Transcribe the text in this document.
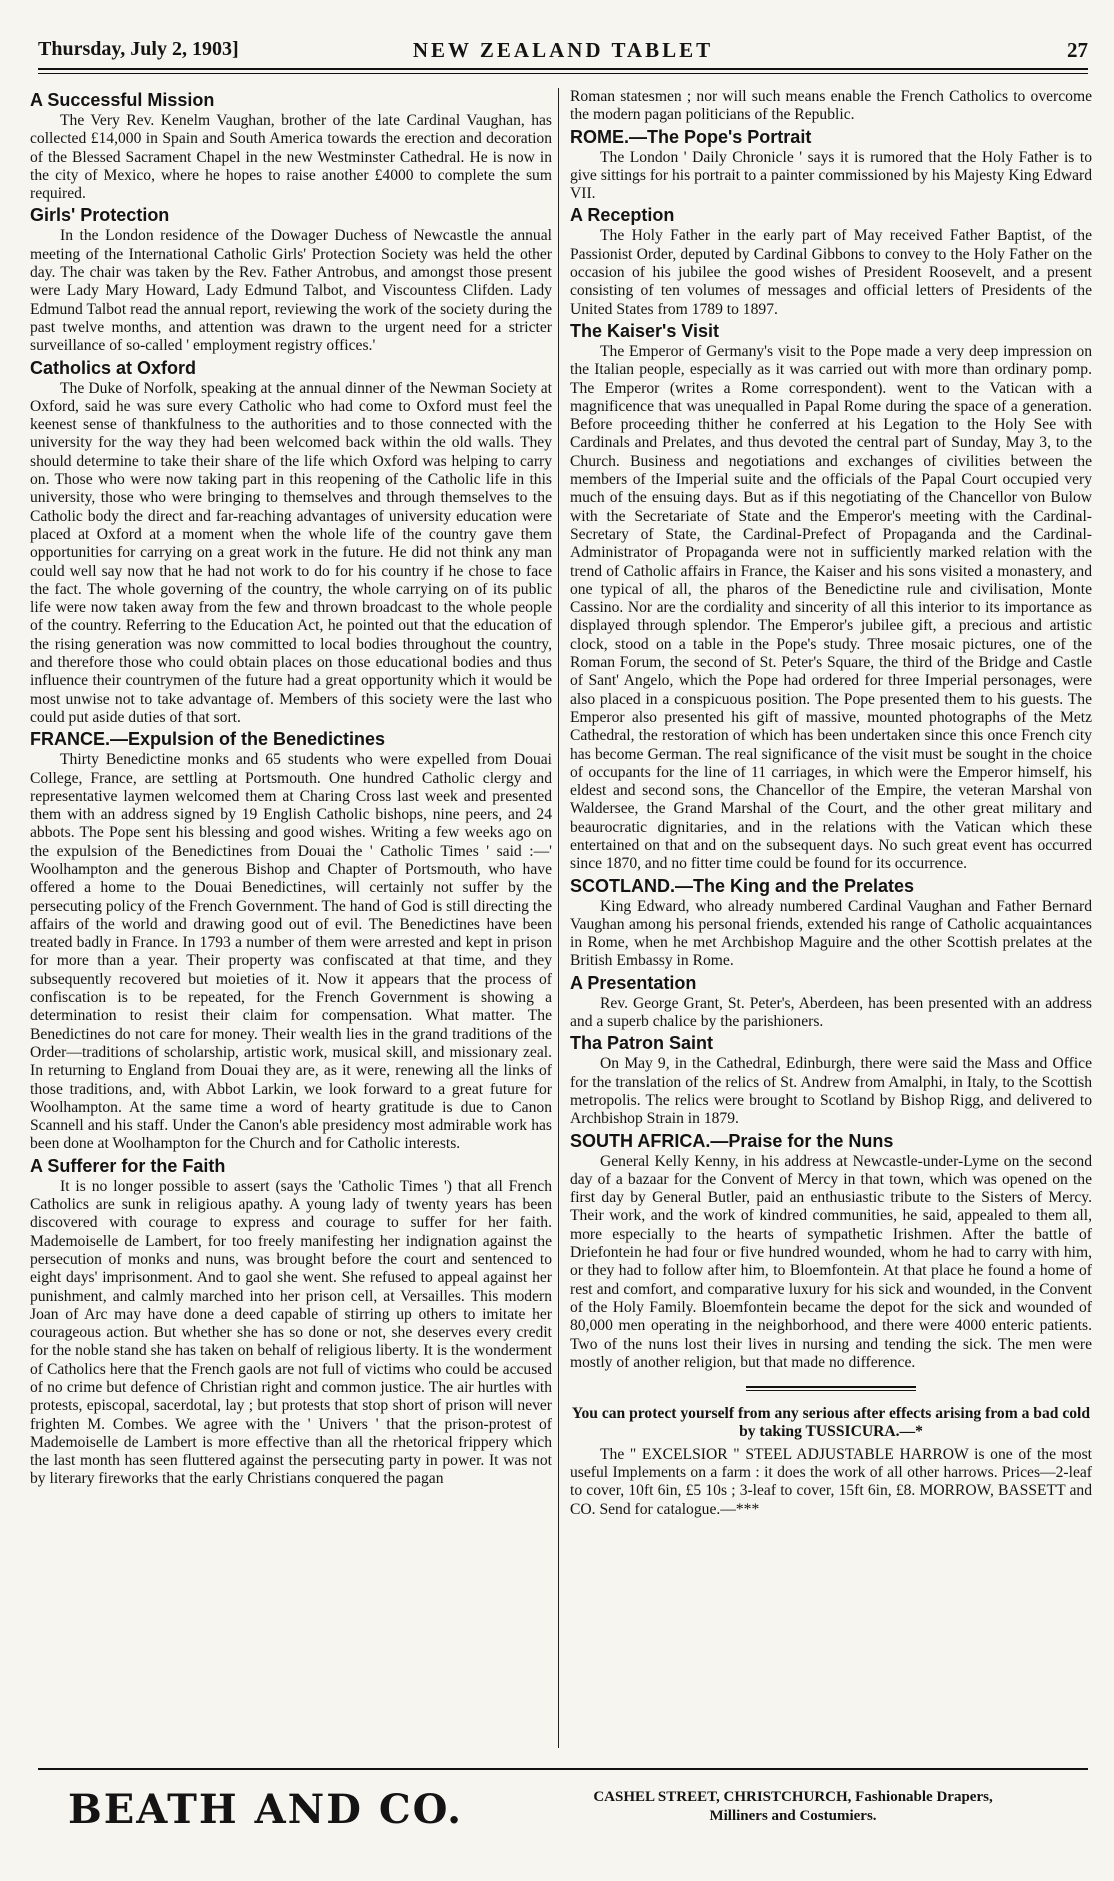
Thursday, July 2, 1903]	NEW ZEALAND TABLET	27
A Successful Mission

The Very Rev. Kenelm Vaughan, brother of the late Cardinal Vaughan, has collected £14,000 in Spain and South America towards the erection and decoration of the Blessed Sacrament Chapel in the new Westminster Cathedral. He is now in the city of Mexico, where he hopes to raise another £4000 to complete the sum required.

Girls' Protection

In the London residence of the Dowager Duchess of Newcastle the annual meeting of the International Catholic Girls' Protection Society was held the other day. The chair was taken by the Rev. Father Antrobus, and amongst those present were Lady Mary Howard, Lady Edmund Talbot, and Viscountess Clifden. Lady Edmund Talbot read the annual report, reviewing the work of the society during the past twelve months, and attention was drawn to the urgent need for a stricter surveillance of so-called ' employment registry offices.'

Catholics at Oxford

The Duke of Norfolk, speaking at the annual dinner of the Newman Society at Oxford, said he was sure every Catholic who had come to Oxford must feel the keenest sense of thankfulness to the authorities and to those connected with the university for the way they had been welcomed back within the old walls. They should determine to take their share of the life which Oxford was helping to carry on. Those who were now taking part in this reopening of the Catholic life in this university, those who were bringing to themselves and through themselves to the Catholic body the direct and far-reaching advantages of university education were placed at Oxford at a moment when the whole life of the country gave them opportunities for carrying on a great work in the future. He did not think any man could well say now that he had not work to do for his country if he chose to face the fact. The whole governing of the country, the whole carrying on of its public life were now taken away from the few and thrown broadcast to the whole people of the country. Referring to the Education Act, he pointed out that the education of the rising generation was now committed to local bodies throughout the country, and therefore those who could obtain places on those educational bodies and thus influence their countrymen of the future had a great opportunity which it would be most unwise not to take advantage of. Members of this society were the last who could put aside duties of that sort.

FRANCE.—Expulsion of the Benedictines

Thirty Benedictine monks and 65 students who were expelled from Douai College, France, are settling at Portsmouth. One hundred Catholic clergy and representative laymen welcomed them at Charing Cross last week and presented them with an address signed by 19 English Catholic bishops, nine peers, and 24 abbots. The Pope sent his blessing and good wishes. Writing a few weeks ago on the expulsion of the Benedictines from Douai the ' Catholic Times ' said :—' Woolhampton and the generous Bishop and Chapter of Portsmouth, who have offered a home to the Douai Benedictines, will certainly not suffer by the persecuting policy of the French Government. The hand of God is still directing the affairs of the world and drawing good out of evil. The Benedictines have been treated badly in France. In 1793 a number of them were arrested and kept in prison for more than a year. Their property was confiscated at that time, and they subsequently recovered but moieties of it. Now it appears that the process of confiscation is to be repeated, for the French Government is showing a determination to resist their claim for compensation. What matter. The Benedictines do not care for money. Their wealth lies in the grand traditions of the Order—traditions of scholarship, artistic work, musical skill, and missionary zeal. In returning to England from Douai they are, as it were, renewing all the links of those traditions, and, with Abbot Larkin, we look forward to a great future for Woolhampton. At the same time a word of hearty gratitude is due to Canon Scannell and his staff. Under the Canon's able presidency most admirable work has been done at Woolhampton for the Church and for Catholic interests.

A Sufferer for the Faith

It is no longer possible to assert (says the 'Catholic Times ') that all French Catholics are sunk in religious apathy. A young lady of twenty years has been discovered with courage to express and courage to suffer for her faith. Mademoiselle de Lambert, for too freely manifesting her indignation against the persecution of monks and nuns, was brought before the court and sentenced to eight days' imprisonment. And to gaol she went. She refused to appeal against her punishment, and calmly marched into her prison cell, at Versailles. This modern Joan of Arc may have done a deed capable of stirring up others to imitate her courageous action. But whether she has so done or not, she deserves every credit for the noble stand she has taken on behalf of religious liberty. It is the wonderment of Catholics here that the French gaols are not full of victims who could be accused of no crime but defence of Christian right and common justice. The air hurtles with protests, episcopal, sacerdotal, lay ; but protests that stop short of prison will never frighten M. Combes. We agree with the ' Univers ' that the prison-protest of Mademoiselle de Lambert is more effective than all the rhetorical frippery which the last month has seen fluttered against the persecuting party in power. It was not by literary fireworks that the early Christians conquered the pagan

Roman statesmen ; nor will such means enable the French Catholics to overcome the modern pagan politicians of the Republic.

ROME.—The Pope's Portrait

The London ' Daily Chronicle ' says it is rumored that the Holy Father is to give sittings for his portrait to a painter commissioned by his Majesty King Edward VII.

A Reception

The Holy Father in the early part of May received Father Baptist, of the Passionist Order, deputed by Cardinal Gibbons to convey to the Holy Father on the occasion of his jubilee the good wishes of President Roosevelt, and a present consisting of ten volumes of messages and official letters of Presidents of the United States from 1789 to 1897.

The Kaiser's Visit

The Emperor of Germany's visit to the Pope made a very deep impression on the Italian people, especially as it was carried out with more than ordinary pomp. The Emperor (writes a Rome correspondent). went to the Vatican with a magnificence that was unequalled in Papal Rome during the space of a generation. Before proceeding thither he conferred at his Legation to the Holy See with Cardinals and Prelates, and thus devoted the central part of Sunday, May 3, to the Church. Business and negotiations and exchanges of civilities between the members of the Imperial suite and the officials of the Papal Court occupied very much of the ensuing days. But as if this negotiating of the Chancellor von Bulow with the Secretariate of State and the Emperor's meeting with the Cardinal-Secretary of State, the Cardinal-Prefect of Propaganda and the Cardinal-Administrator of Propaganda were not in sufficiently marked relation with the trend of Catholic affairs in France, the Kaiser and his sons visited a monastery, and one typical of all, the pharos of the Benedictine rule and civilisation, Monte Cassino. Nor are the cordiality and sincerity of all this interior to its importance as displayed through splendor. The Emperor's jubilee gift, a precious and artistic clock, stood on a table in the Pope's study. Three mosaic pictures, one of the Roman Forum, the second of St. Peter's Square, the third of the Bridge and Castle of Sant' Angelo, which the Pope had ordered for three Imperial personages, were also placed in a conspicuous position. The Pope presented them to his guests. The Emperor also presented his gift of massive, mounted photographs of the Metz Cathedral, the restoration of which has been undertaken since this once French city has become German. The real significance of the visit must be sought in the choice of occupants for the line of 11 carriages, in which were the Emperor himself, his eldest and second sons, the Chancellor of the Empire, the veteran Marshal von Waldersee, the Grand Marshal of the Court, and the other great military and beaurocratic dignitaries, and in the relations with the Vatican which these entertained on that and on the subsequent days. No such great event has occurred since 1870, and no fitter time could be found for its occurrence.

SCOTLAND.—The King and the Prelates

King Edward, who already numbered Cardinal Vaughan and Father Bernard Vaughan among his personal friends, extended his range of Catholic acquaintances in Rome, when he met Archbishop Maguire and the other Scottish prelates at the British Embassy in Rome.

A Presentation

Rev. George Grant, St. Peter's, Aberdeen, has been presented with an address and a superb chalice by the parishioners.

Tha Patron Saint

On May 9, in the Cathedral, Edinburgh, there were said the Mass and Office for the translation of the relics of St. Andrew from Amalphi, in Italy, to the Scottish metropolis. The relics were brought to Scotland by Bishop Rigg, and delivered to Archbishop Strain in 1879.

SOUTH AFRICA.—Praise for the Nuns

General Kelly Kenny, in his address at Newcastle-under-Lyme on the second day of a bazaar for the Convent of Mercy in that town, which was opened on the first day by General Butler, paid an enthusiastic tribute to the Sisters of Mercy. Their work, and the work of kindred communities, he said, appealed to them all, more especially to the hearts of sympathetic Irishmen. After the battle of Driefontein he had four or five hundred wounded, whom he had to carry with him, or they had to follow after him, to Bloemfontein. At that place he found a home of rest and comfort, and comparative luxury for his sick and wounded, in the Convent of the Holy Family. Bloemfontein became the depot for the sick and wounded of 80,000 men operating in the neighborhood, and there were 4000 enteric patients. Two of the nuns lost their lives in nursing and tending the sick. The men were mostly of another religion, but that made no difference.

You can protect yourself from any serious after effects arising from a bad cold by taking TUSSICURA.—*

The " EXCELSIOR " STEEL ADJUSTABLE HARROW is one of the most useful Implements on a farm : it does the work of all other harrows. Prices—2-leaf to cover, 10ft 6in, £5 10s ; 3-leaf to cover, 15ft 6in, £8. MORROW, BASSETT and CO. Send for catalogue.—***

BEATH AND CO.	CASHEL STREET, CHRISTCHURCH, Fashionable Drapers,
Milliners and Costumiers.
